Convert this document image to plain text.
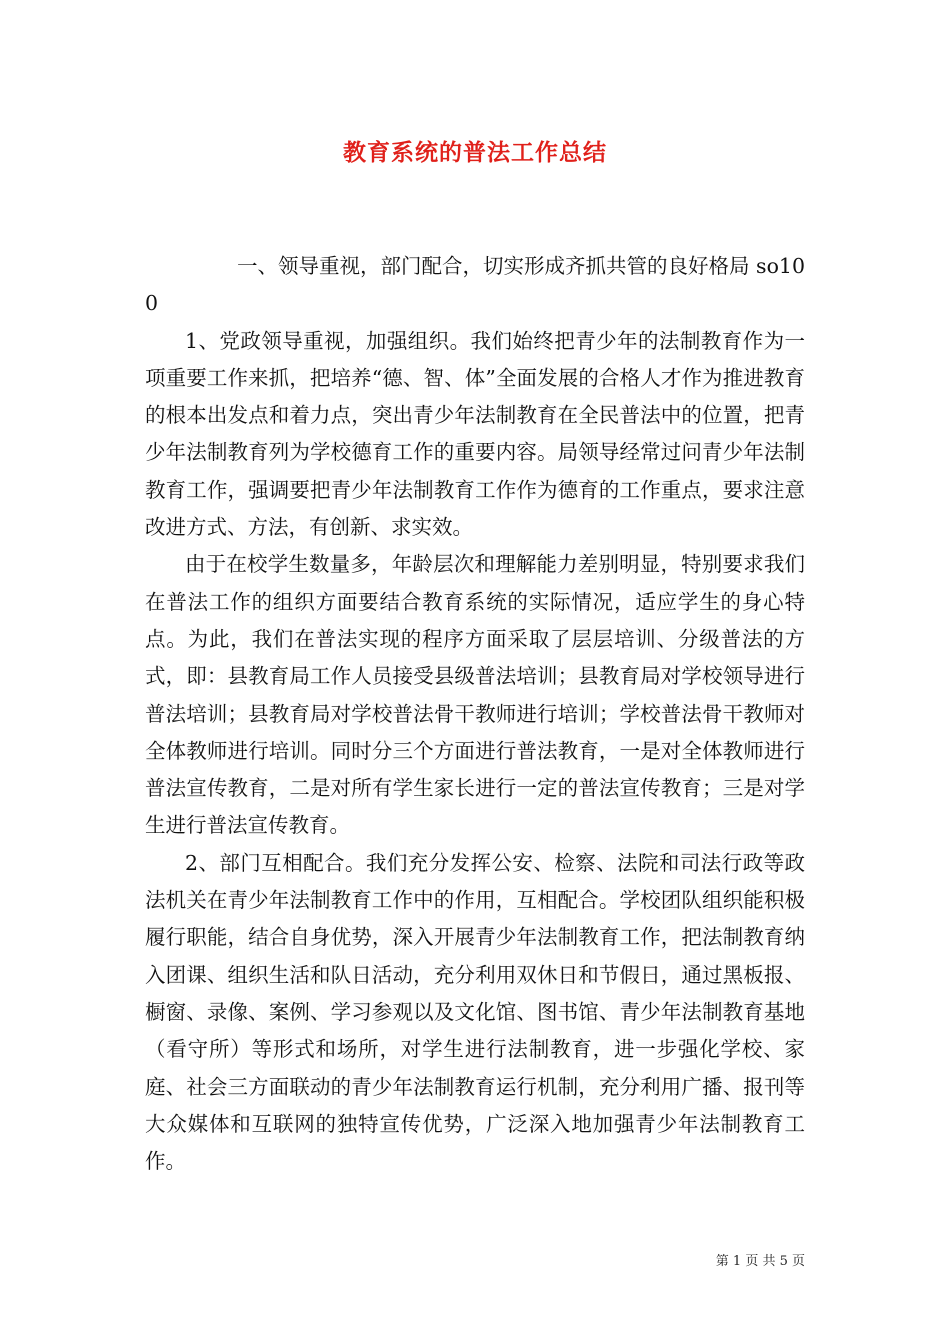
教育系统的普法工作总结

一、领导重视，部门配合，切实形成齐抓共管的良好格局 so100

1、党政领导重视，加强组织。我们始终把青少年的法制教育作为一项重要工作来抓，把培养“德、智、体”全面发展的合格人才作为推进教育的根本出发点和着力点，突出青少年法制教育在全民普法中的位置，把青少年法制教育列为学校德育工作的重要内容。局领导经常过问青少年法制教育工作，强调要把青少年法制教育工作作为德育的工作重点，要求注意改进方式、方法，有创新、求实效。

由于在校学生数量多，年龄层次和理解能力差别明显，特别要求我们在普法工作的组织方面要结合教育系统的实际情况，适应学生的身心特点。为此，我们在普法实现的程序方面采取了层层培训、分级普法的方式，即：县教育局工作人员接受县级普法培训；县教育局对学校领导进行普法培训；县教育局对学校普法骨干教师进行培训；学校普法骨干教师对全体教师进行培训。同时分三个方面进行普法教育，一是对全体教师进行普法宣传教育，二是对所有学生家长进行一定的普法宣传教育；三是对学生进行普法宣传教育。

2、部门互相配合。我们充分发挥公安、检察、法院和司法行政等政法机关在青少年法制教育工作中的作用，互相配合。学校团队组织能积极履行职能，结合自身优势，深入开展青少年法制教育工作，把法制教育纳入团课、组织生活和队日活动，充分利用双休日和节假日，通过黑板报、橱窗、录像、案例、学习参观以及文化馆、图书馆、青少年法制教育基地（看守所）等形式和场所，对学生进行法制教育，进一步强化学校、家庭、社会三方面联动的青少年法制教育运行机制，充分利用广播、报刊等大众媒体和互联网的独特宣传优势，广泛深入地加强青少年法制教育工作。

第 1 页 共 5 页
